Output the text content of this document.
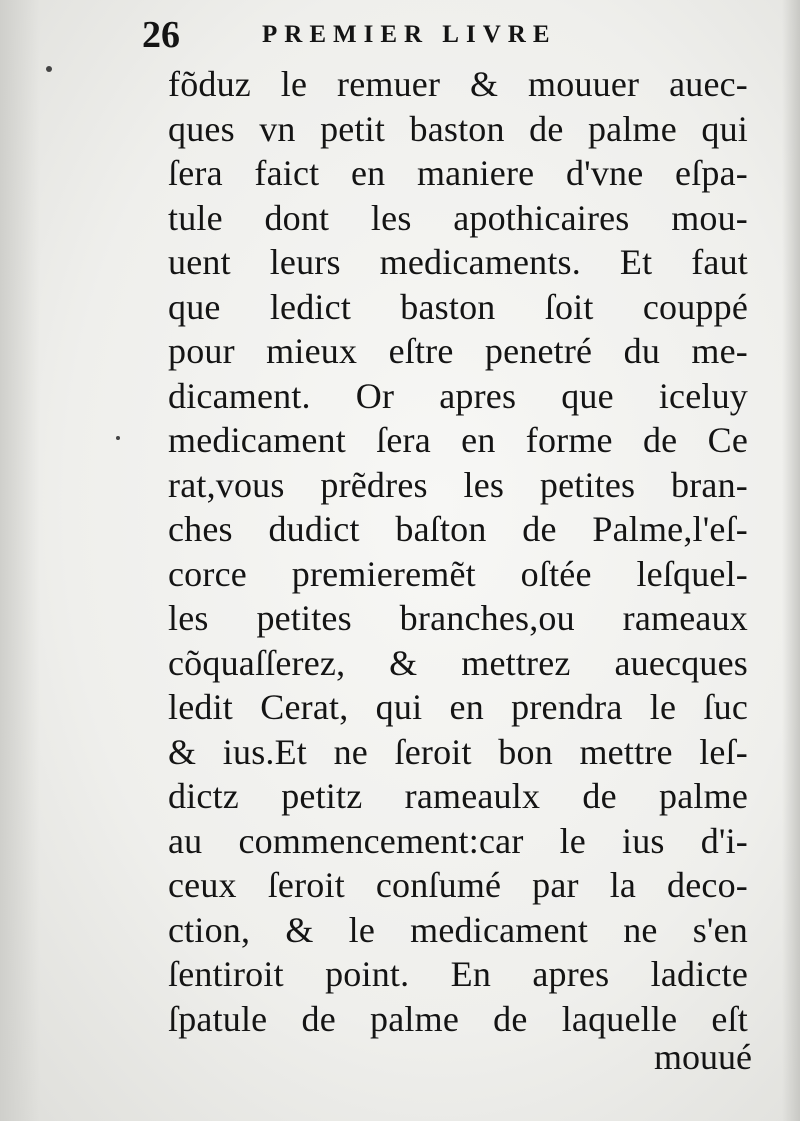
26	PREMIER LIVRE
fõduz le remuer & mouuer auec-
ques vn petit baston de palme qui
ſera faict en maniere d'vne eſpa-
tule dont les apothicaires mou-
uent leurs medicaments. Et faut
que ledict baston ſoit couppé
pour mieux eſtre penetré du me-
dicament. Or apres que iceluy
medicament ſera en forme de Ce
rat,vous prẽdres les petites bran-
ches dudict baſton de Palme,l'eſ-
corce premieremẽt oſtée leſquel-
les petites branches,ou rameaux
cõquaſſerez, & mettrez auecques
ledit Cerat, qui en prendra le ſuc
& ius.Et ne ſeroit bon mettre leſ-
dictz petitz rameaulx de palme
au commencement:car le ius d'i-
ceux ſeroit conſumé par la deco-
ction, & le medicament ne s'en
ſentiroit point. En apres ladicte
ſpatule de palme de laquelle eſt
mouué
